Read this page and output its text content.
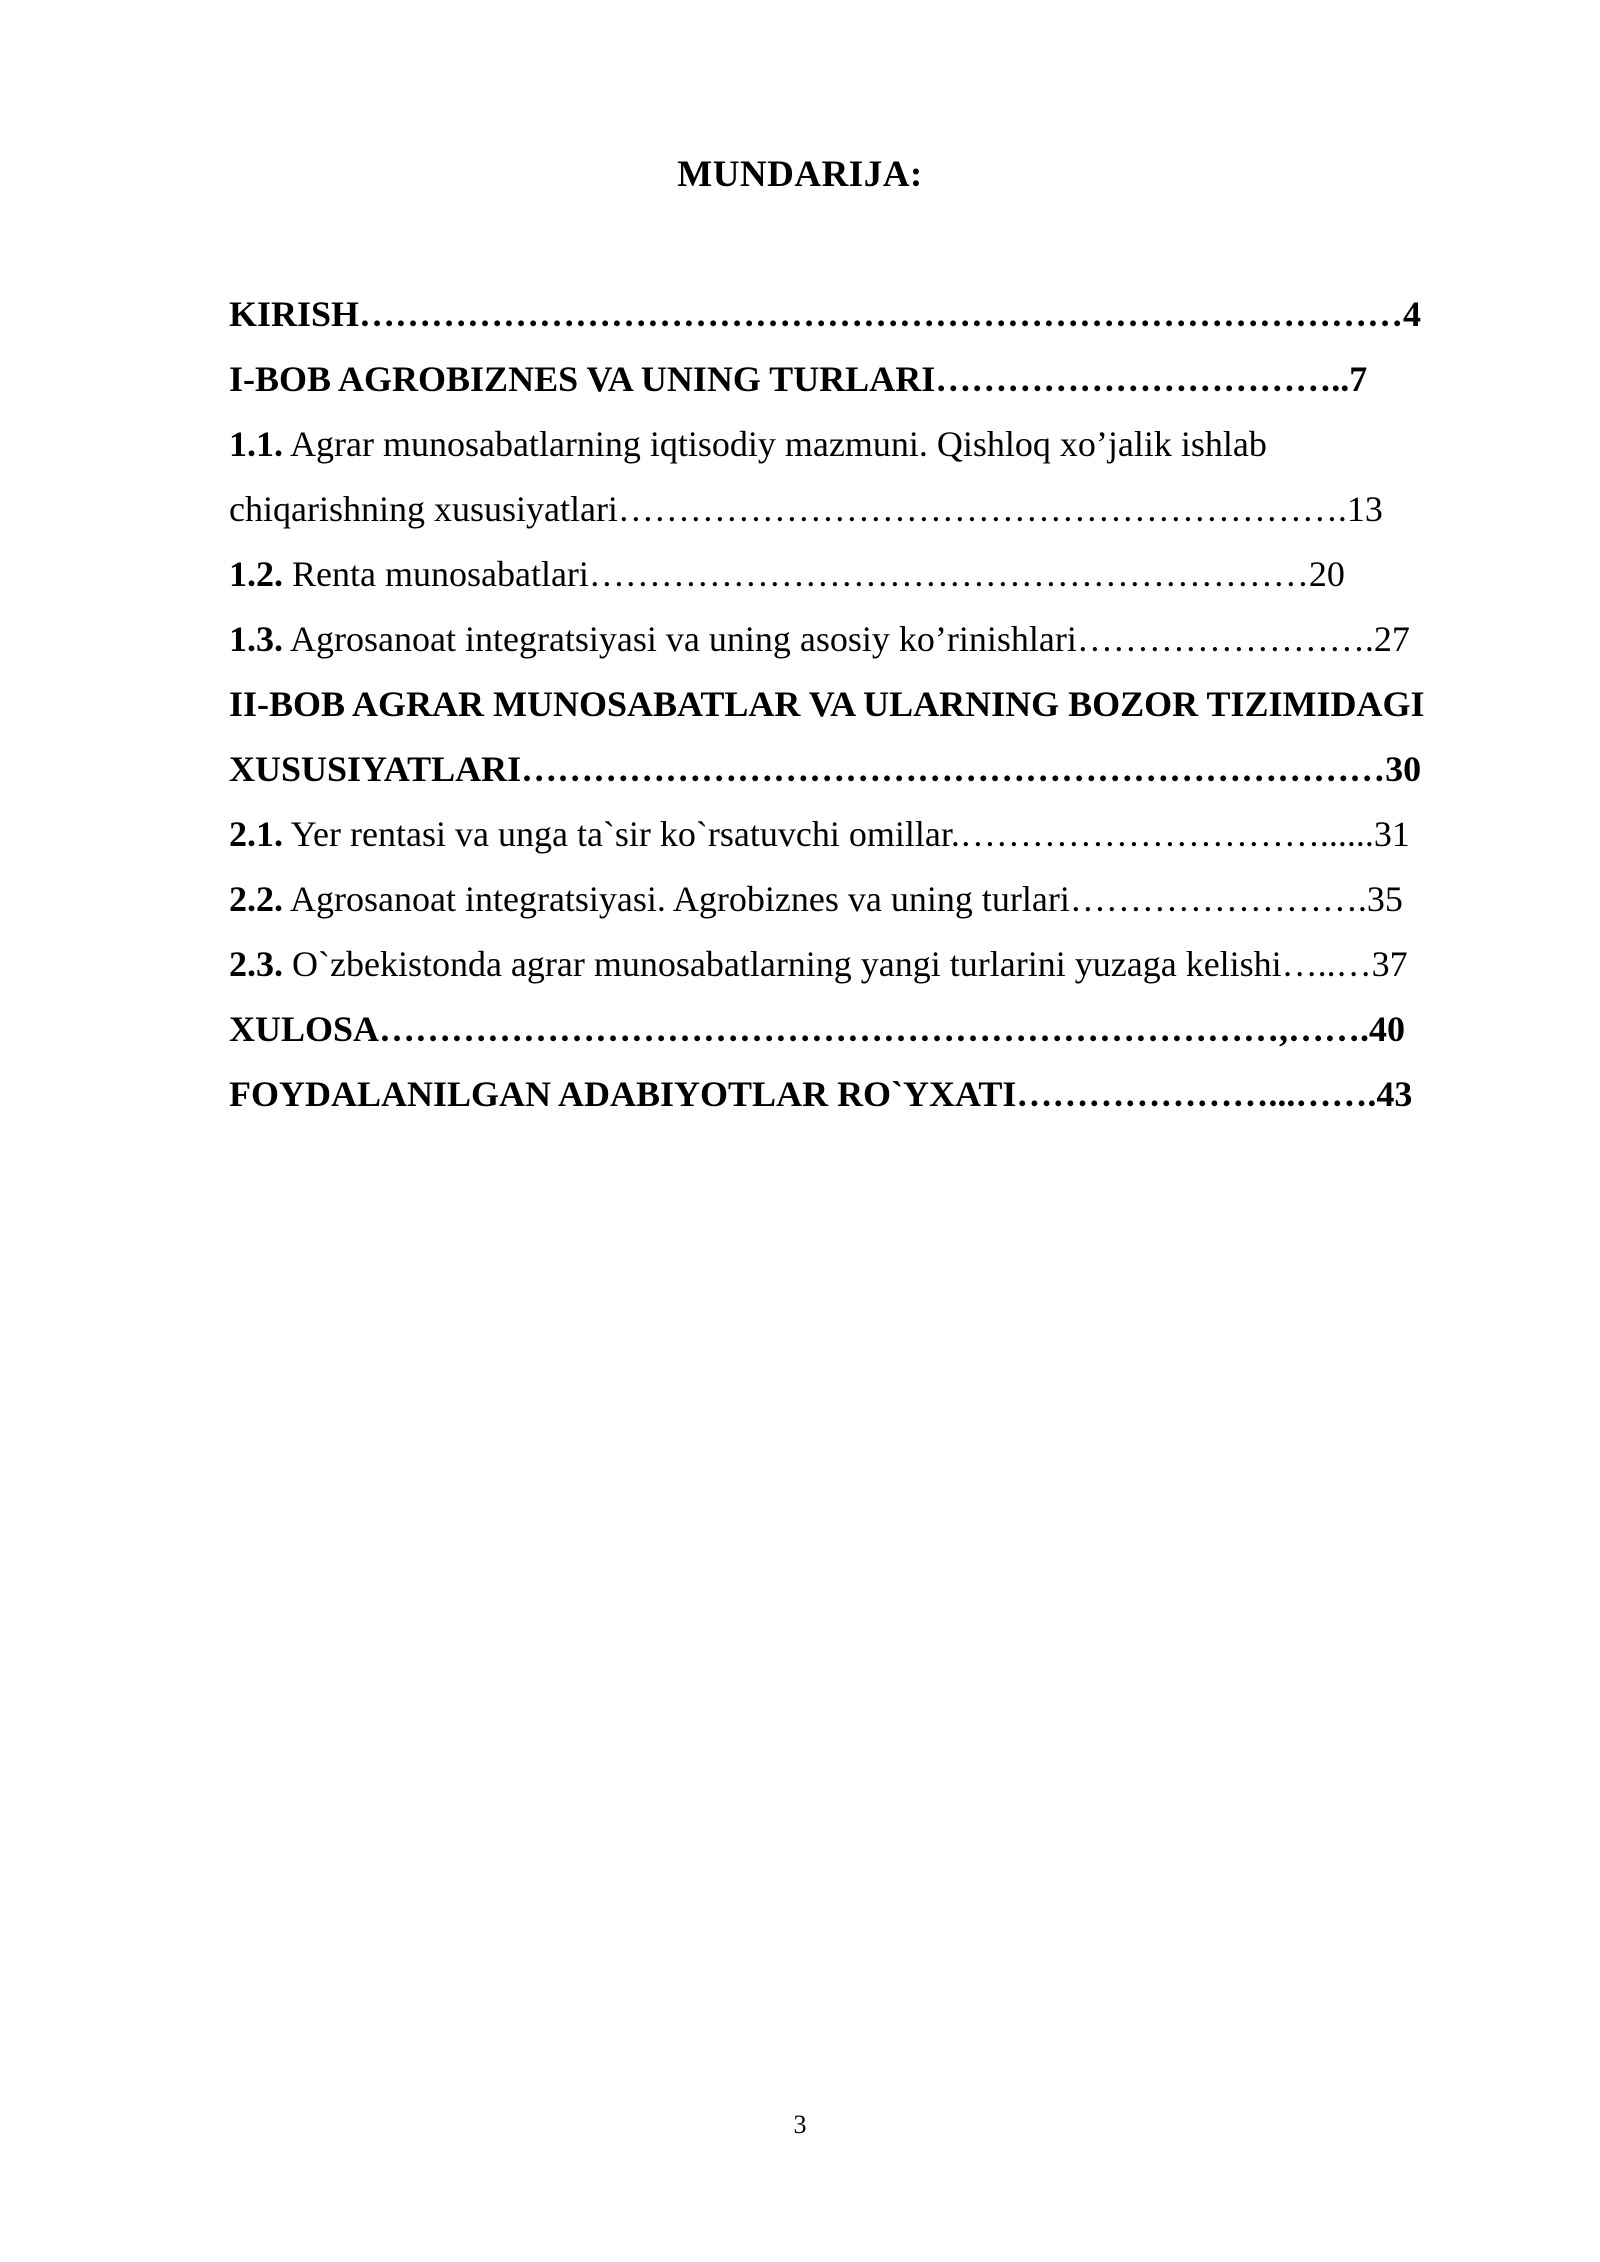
MUNDARIJA:
KIRISH……………………………………………………………………………4
I-BOB AGROBIZNES VA UNING TURLARI……………………………..7
1.1. Agrar munosabatlarning iqtisodiy mazmuni. Qishloq xo’jalik ishlab
chiqarishning xususiyatlari…………………………………………………….13
1.2. Renta munosabatlari……………………………………………………20
1.3. Agrosanoat integratsiyasi va uning asosiy ko’rinishlari…………………….27
II-BOB AGRAR MUNOSABATLAR VA ULARNING BOZOR TIZIMIDAGI
XUSUSIYATLARI………………………………………………………………30
2.1. Yer rentasi va unga ta`sir ko`rsatuvchi omillar.…………………………......31
2.2. Agrosanoat integratsiyasi. Agrobiznes va uning turlari…………………….35
2.3. O`zbekistonda agrar munosabatlarning yangi turlarini yuzaga kelishi…..…37
XULOSA…………………………………………………………………,…….40
FOYDALANILGAN ADABIYOTLAR RO`YXATI…………………...…….43
3
